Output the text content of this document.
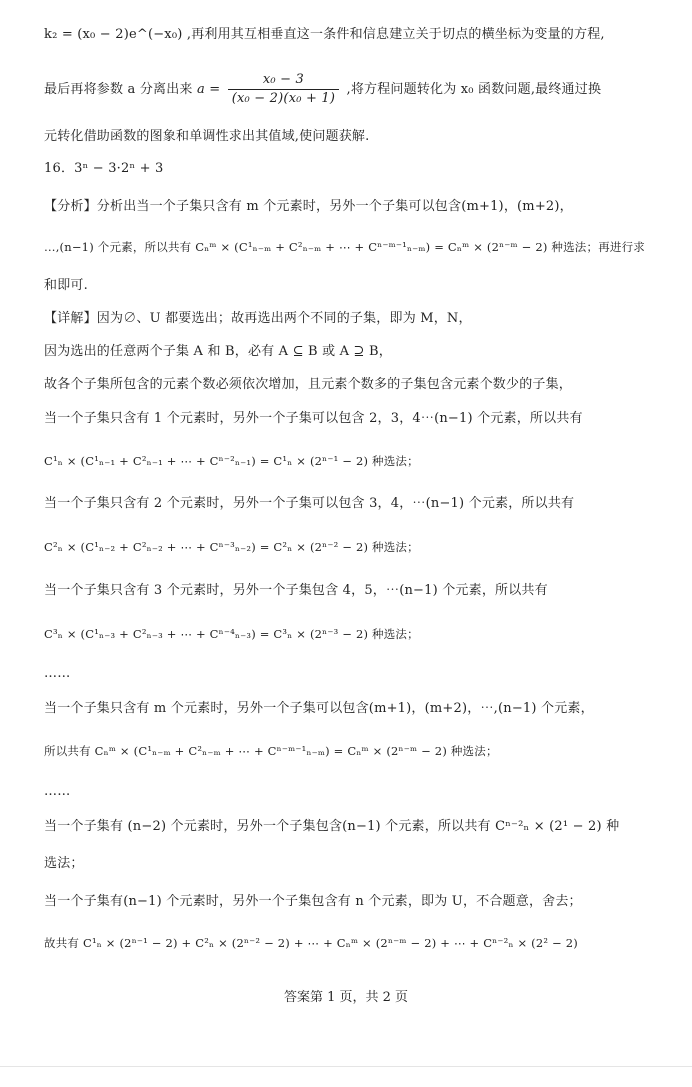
k₂ = (x₀ − 2)e^(−x₀) ,再利用其互相垂直这一条件和信息建立关于切点的横坐标为变量的方程,
最后再将参数 a 分离出来 $a = \frac{\text{x₀ − 3}}{\text{(x₀ − 2)(x₀ + 1)}}$ ,将方程问题转化为 x₀ 函数问题,最终通过换
元转化借助函数的图象和单调性求出其值域,使问题获解.
16．3ⁿ − 3·2ⁿ + 3
【分析】分析出当一个子集只含有 m 个元素时，另外一个子集可以包含(m+1)，(m+2)，
…,(n−1) 个元素，所以共有 Cₙᵐ × (C¹ₙ₋ₘ + C²ₙ₋ₘ + ⋯ + Cⁿ⁻ᵐ⁻¹ₙ₋ₘ) = Cₙᵐ × (2ⁿ⁻ᵐ − 2) 种选法；再进行求
和即可.
【详解】因为∅、U 都要选出；故再选出两个不同的子集，即为 M，N，
因为选出的任意两个子集 A 和 B，必有 A ⊆ B 或 A ⊇ B，
故各个子集所包含的元素个数必须依次增加，且元素个数多的子集包含元素个数少的子集，
当一个子集只含有 1 个元素时，另外一个子集可以包含 2，3，4⋯(n−1) 个元素，所以共有
C¹ₙ × (C¹ₙ₋₁ + C²ₙ₋₁ + ⋯ + Cⁿ⁻²ₙ₋₁) = C¹ₙ × (2ⁿ⁻¹ − 2) 种选法；
当一个子集只含有 2 个元素时，另外一个子集可以包含 3，4，⋯(n−1) 个元素，所以共有
C²ₙ × (C¹ₙ₋₂ + C²ₙ₋₂ + ⋯ + Cⁿ⁻³ₙ₋₂) = C²ₙ × (2ⁿ⁻² − 2) 种选法；
当一个子集只含有 3 个元素时，另外一个子集包含 4，5，⋯(n−1) 个元素，所以共有
C³ₙ × (C¹ₙ₋₃ + C²ₙ₋₃ + ⋯ + Cⁿ⁻⁴ₙ₋₃) = C³ₙ × (2ⁿ⁻³ − 2) 种选法；
……
当一个子集只含有 m 个元素时，另外一个子集可以包含(m+1)，(m+2)，⋯,(n−1) 个元素，
所以共有 Cₙᵐ × (C¹ₙ₋ₘ + C²ₙ₋ₘ + ⋯ + Cⁿ⁻ᵐ⁻¹ₙ₋ₘ) = Cₙᵐ × (2ⁿ⁻ᵐ − 2) 种选法；
……
当一个子集有 (n−2) 个元素时，另外一个子集包含(n−1) 个元素，所以共有 Cⁿ⁻²ₙ × (2¹ − 2) 种
选法；
当一个子集有(n−1) 个元素时，另外一个子集包含有 n 个元素，即为 U，不合题意，舍去；
故共有 C¹ₙ × (2ⁿ⁻¹ − 2) + C²ₙ × (2ⁿ⁻² − 2) + ⋯ + Cₙᵐ × (2ⁿ⁻ᵐ − 2) + ⋯ + Cⁿ⁻²ₙ × (2² − 2)
答案第 1 页，共 2 页
